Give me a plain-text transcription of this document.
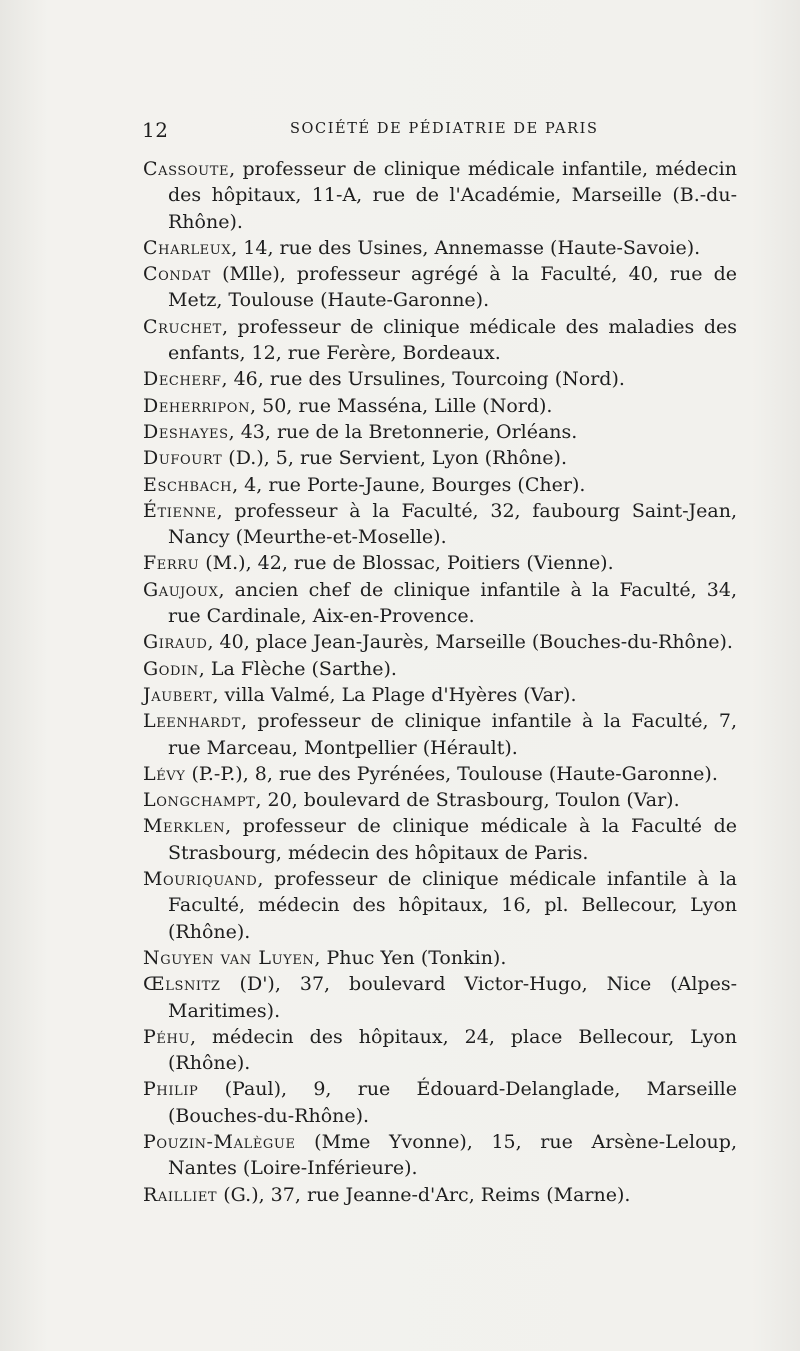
12	SOCIÉTÉ DE PÉDIATRIE DE PARIS

Cassoute, professeur de clinique médicale infantile, médecin des hôpitaux, 11-A, rue de l'Académie, Marseille (B.-du-Rhône).

Charleux, 14, rue des Usines, Annemasse (Haute-Savoie).

Condat (Mlle), professeur agrégé à la Faculté, 40, rue de Metz, Toulouse (Haute-Garonne).

Cruchet, professeur de clinique médicale des maladies des enfants, 12, rue Ferère, Bordeaux.

Decherf, 46, rue des Ursulines, Tourcoing (Nord).

Deherripon, 50, rue Masséna, Lille (Nord).

Deshayes, 43, rue de la Bretonnerie, Orléans.

Dufourt (D.), 5, rue Servient, Lyon (Rhône).

Eschbach, 4, rue Porte-Jaune, Bourges (Cher).

Étienne, professeur à la Faculté, 32, faubourg Saint-Jean, Nancy (Meurthe-et-Moselle).

Ferru (M.), 42, rue de Blossac, Poitiers (Vienne).

Gaujoux, ancien chef de clinique infantile à la Faculté, 34, rue Cardinale, Aix-en-Provence.

Giraud, 40, place Jean-Jaurès, Marseille (Bouches-du-Rhône).

Godin, La Flèche (Sarthe).

Jaubert, villa Valmé, La Plage d'Hyères (Var).

Leenhardt, professeur de clinique infantile à la Faculté, 7, rue Marceau, Montpellier (Hérault).

Lévy (P.-P.), 8, rue des Pyrénées, Toulouse (Haute-Garonne).

Longchampt, 20, boulevard de Strasbourg, Toulon (Var).

Merklen, professeur de clinique médicale à la Faculté de Strasbourg, médecin des hôpitaux de Paris.

Mouriquand, professeur de clinique médicale infantile à la Faculté, médecin des hôpitaux, 16, pl. Bellecour, Lyon (Rhône).

Nguyen van Luyen, Phuc Yen (Tonkin).

Œlsnitz (D'), 37, boulevard Victor-Hugo, Nice (Alpes-Maritimes).

Péhu, médecin des hôpitaux, 24, place Bellecour, Lyon (Rhône).

Philip (Paul), 9, rue Édouard-Delanglade, Marseille (Bouches-du-Rhône).

Pouzin-Malègue (Mme Yvonne), 15, rue Arsène-Leloup, Nantes (Loire-Inférieure).

Railliet (G.), 37, rue Jeanne-d'Arc, Reims (Marne).
